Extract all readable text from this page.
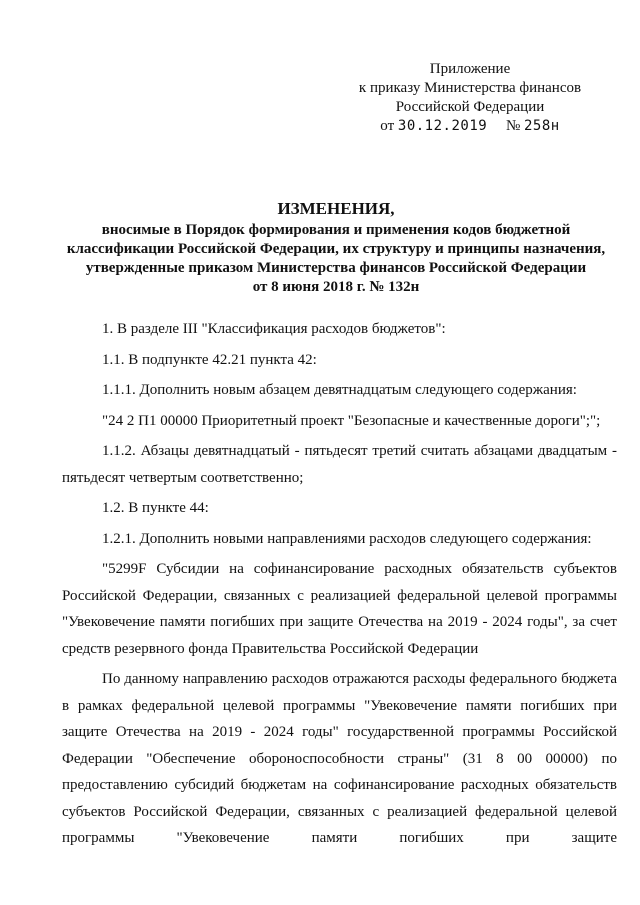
Приложение
к приказу Министерства финансов
Российской Федерации
от 30.12.2019 № 258н
ИЗМЕНЕНИЯ,
вносимые в Порядок формирования и применения кодов бюджетной
классификации Российской Федерации, их структуру и принципы назначения,
утвержденные приказом Министерства финансов Российской Федерации
от 8 июня 2018 г. № 132н

1. В разделе III "Классификация расходов бюджетов":

1.1. В подпункте 42.21 пункта 42:

1.1.1. Дополнить новым абзацем девятнадцатым следующего содержания:

"24 2 П1 00000 Приоритетный проект "Безопасные и качественные дороги";";

1.1.2. Абзацы девятнадцатый - пятьдесят третий считать абзацами двадцатым - пятьдесят четвертым соответственно;

1.2. В пункте 44:

1.2.1. Дополнить новыми направлениями расходов следующего содержания:

"5299F Субсидии на софинансирование расходных обязательств субъектов Российской Федерации, связанных с реализацией федеральной целевой программы "Увековечение памяти погибших при защите Отечества на 2019 - 2024 годы", за счет средств резервного фонда Правительства Российской Федерации

По данному направлению расходов отражаются расходы федерального бюджета в рамках федеральной целевой программы "Увековечение памяти погибших при защите Отечества на 2019 - 2024 годы" государственной программы Российской Федерации "Обеспечение обороноспособности страны" (31 8 00 00000) по предоставлению субсидий бюджетам на софинансирование расходных обязательств субъектов Российской Федерации, связанных с реализацией федеральной целевой программы "Увековечение памяти погибших при защите
